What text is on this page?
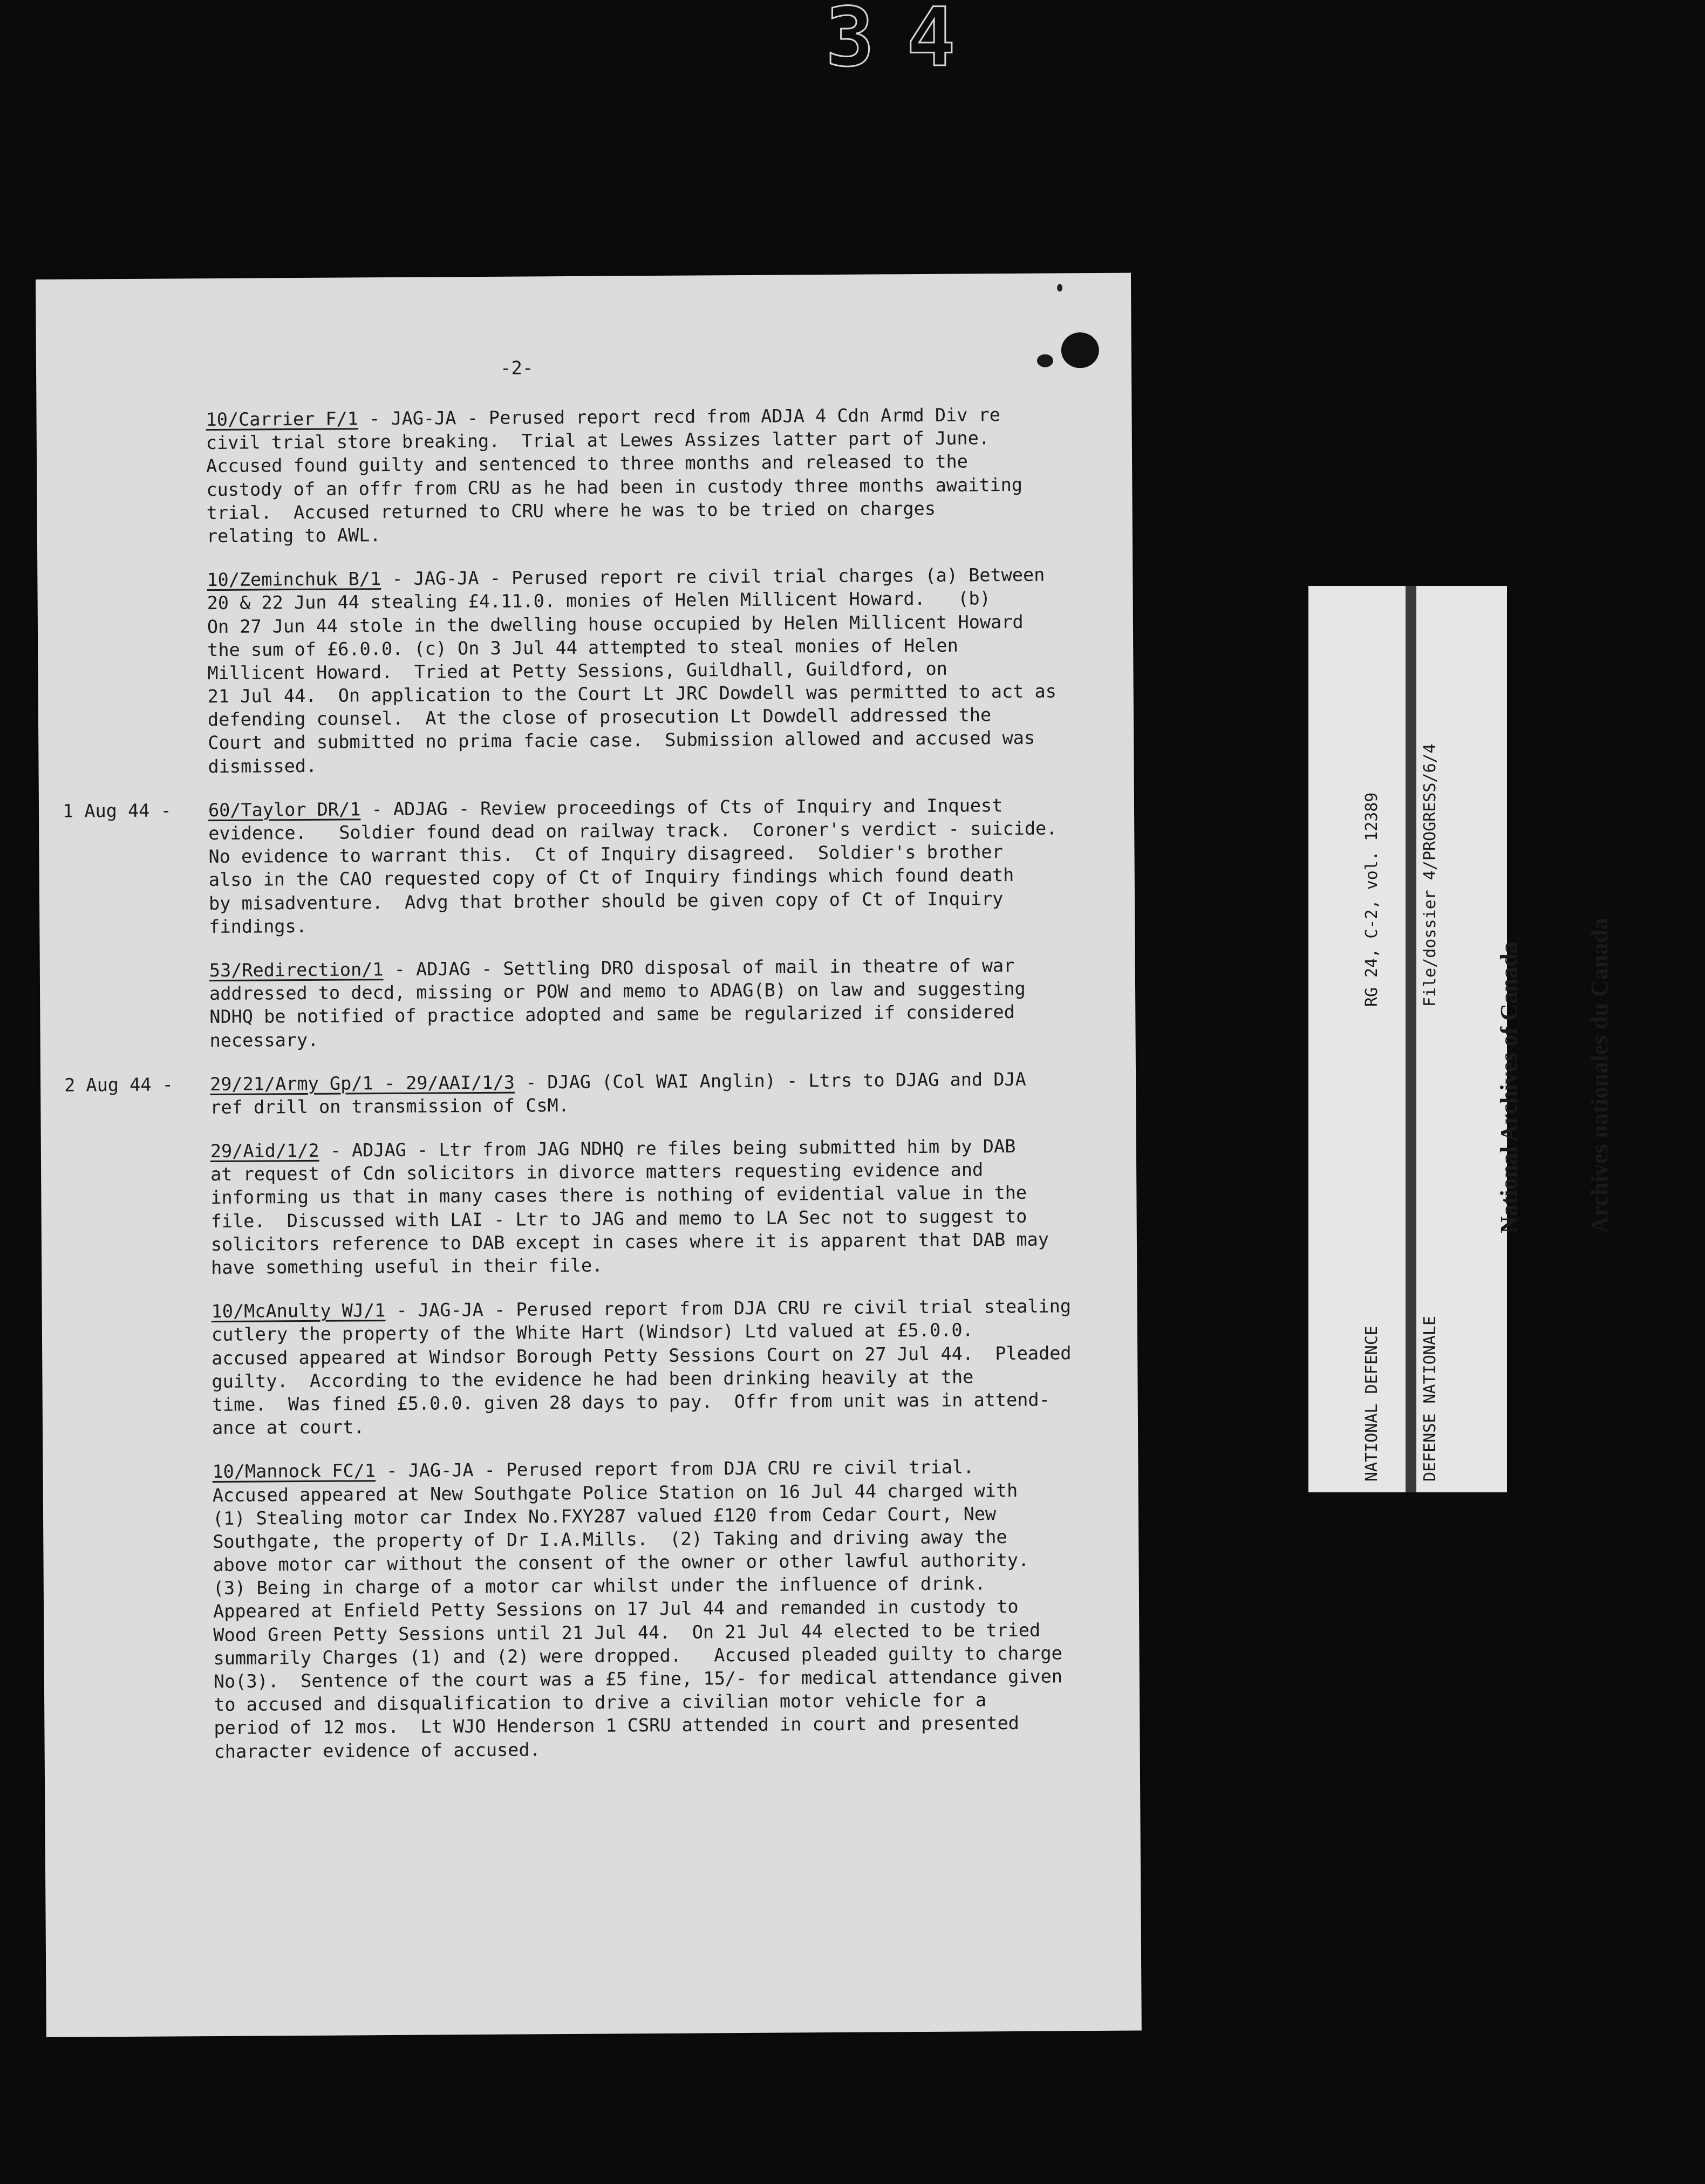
34
-2-
10/Carrier F/1 - JAG-JA - Perused report recd from ADJA 4 Cdn Armd Div re
civil trial store breaking.  Trial at Lewes Assizes latter part of June.
Accused found guilty and sentenced to three months and released to the
custody of an offr from CRU as he had been in custody three months awaiting
trial.  Accused returned to CRU where he was to be tried on charges
relating to AWL.
10/Zeminchuk B/1 - JAG-JA - Perused report re civil trial charges (a) Between
20 & 22 Jun 44 stealing £4.11.0. monies of Helen Millicent Howard.   (b)
On 27 Jun 44 stole in the dwelling house occupied by Helen Millicent Howard
the sum of £6.0.0. (c) On 3 Jul 44 attempted to steal monies of Helen
Millicent Howard.  Tried at Petty Sessions, Guildhall, Guildford, on
21 Jul 44.  On application to the Court Lt JRC Dowdell was permitted to act as
defending counsel.  At the close of prosecution Lt Dowdell addressed the
Court and submitted no prima facie case.  Submission allowed and accused was
dismissed.
1 Aug 44 - 60/Taylor DR/1 - ADJAG - Review proceedings of Cts of Inquiry and Inquest
evidence.   Soldier found dead on railway track.  Coroner's verdict - suicide.
No evidence to warrant this.  Ct of Inquiry disagreed.  Soldier's brother
also in the CAO requested copy of Ct of Inquiry findings which found death
by misadventure.  Advg that brother should be given copy of Ct of Inquiry
findings.
53/Redirection/1 - ADJAG - Settling DRO disposal of mail in theatre of war
addressed to decd, missing or POW and memo to ADAG(B) on law and suggesting
NDHQ be notified of practice adopted and same be regularized if considered
necessary.
2 Aug 44 - 29/21/Army Gp/1 - 29/AAI/1/3 - DJAG (Col WAI Anglin) - Ltrs to DJAG and DJA
ref drill on transmission of CsM.
29/Aid/1/2 - ADJAG - Ltr from JAG NDHQ re files being submitted him by DAB
at request of Cdn solicitors in divorce matters requesting evidence and
informing us that in many cases there is nothing of evidential value in the
file.  Discussed with LAI - Ltr to JAG and memo to LA Sec not to suggest to
solicitors reference to DAB except in cases where it is apparent that DAB may
have something useful in their file.
10/McAnulty WJ/1 - JAG-JA - Perused report from DJA CRU re civil trial stealing
cutlery the property of the White Hart (Windsor) Ltd valued at £5.0.0.
accused appeared at Windsor Borough Petty Sessions Court on 27 Jul 44.  Pleaded
guilty.  According to the evidence he had been drinking heavily at the
time.  Was fined £5.0.0. given 28 days to pay.  Offr from unit was in attend-
ance at court.
10/Mannock FC/1 - JAG-JA - Perused report from DJA CRU re civil trial.
Accused appeared at New Southgate Police Station on 16 Jul 44 charged with
(1) Stealing motor car Index No.FXY287 valued £120 from Cedar Court, New
Southgate, the property of Dr I.A.Mills.  (2) Taking and driving away the
above motor car without the consent of the owner or other lawful authority.
(3) Being in charge of a motor car whilst under the influence of drink.
Appeared at Enfield Petty Sessions on 17 Jul 44 and remanded in custody to
Wood Green Petty Sessions until 21 Jul 44.  On 21 Jul 44 elected to be tried
summarily Charges (1) and (2) were dropped.   Accused pleaded guilty to charge
No(3).  Sentence of the court was a £5 fine, 15/- for medical attendance given
to accused and disqualification to drive a civilian motor vehicle for a
period of 12 mos.  Lt WJO Henderson 1 CSRU attended in court and presented
character evidence of accused.

NATIONAL DEFENCE

DEFENSE NATIONALE

RG 24, C-2, vol. 12389

File/dossier 4/PROGRESS/6/4

National Archives of Canada

	Archives nationales du Canada
